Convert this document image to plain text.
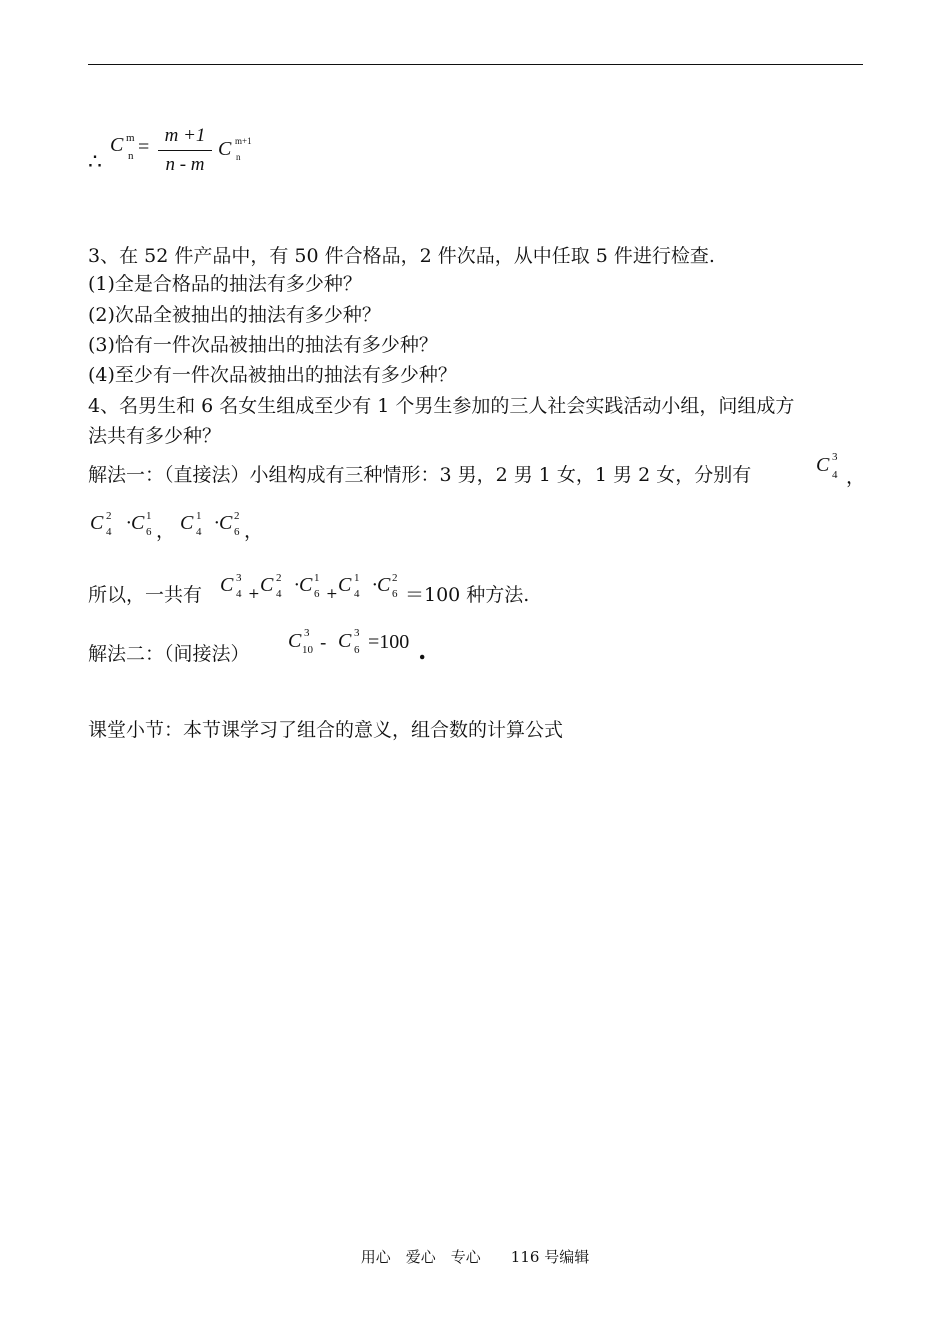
∴
C m
$n = \frac{m +1}{n - m}$ C m+1
n
3、在 52 件产品中，有 50 件合格品，2 件次品，从中任取 5 件进行检查.
(1)全是合格品的抽法有多少种？
(2)次品全被抽出的抽法有多少种？
(3)恰有一件次品被抽出的抽法有多少种？
(4)至少有一件次品被抽出的抽法有多少种？
4、名男生和 6 名女生组成至少有 1 个男生参加的三人社会实践活动小组，问组成方
法共有多少种？
解法一：（直接法）小组构成有三种情形：3 男，2 男 1 女，1 男 2 女，分别有	C 3
4 ，
C 2
4 ·C 1
6 ， C 1
4 ·C 2
6 ，
所以，一共有 C 3
4 + C 2
4 ·C 1
6 + C 1
4 ·C 2
6 ＝100 种方法.
解法二：（间接法）
C 3
10 - C 3
6 =100 .
课堂小节：本节课学习了组合的意义，组合数的计算公式
用心　爱心　专心　　116 号编辑
